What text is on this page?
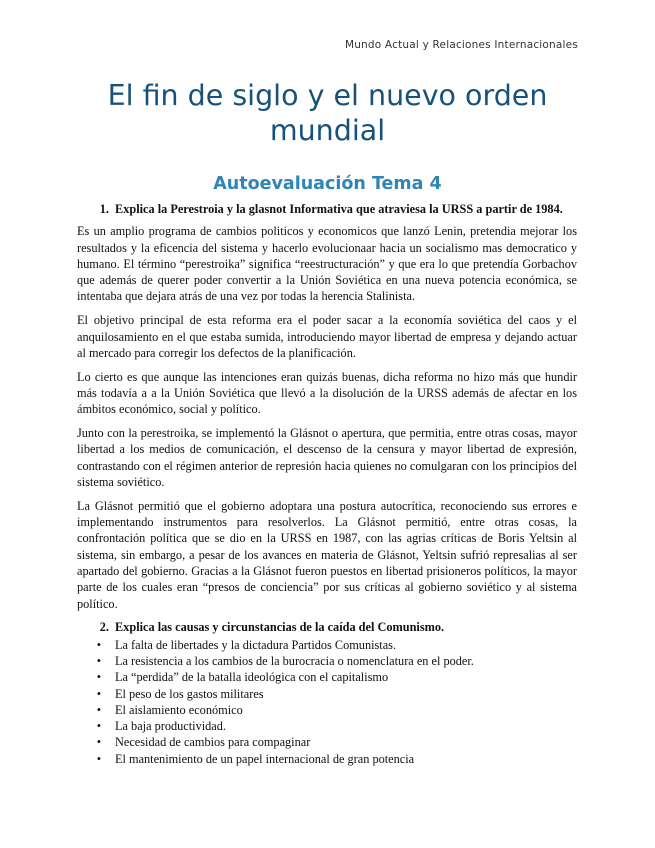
Mundo Actual y Relaciones Internacionales
El fin de siglo y el nuevo orden mundial
Autoevaluación Tema 4
1. Explica la Perestroia y la glasnot Informativa que atraviesa la URSS a partir de 1984.

Es un amplio programa de cambios politicos y economicos que lanzó Lenin, pretendia mejorar los resultados y la eficencia del sistema y hacerlo evolucionaar hacia un socialismo mas democratico y humano. El término “perestroika” significa “reestructuración” y que era lo que pretendía Gorbachov que además de querer poder convertir a la Unión Soviética en una nueva potencia económica, se intentaba que dejara atrás de una vez por todas la herencia Stalinista.

El objetivo principal de esta reforma era el poder sacar a la economía soviética del caos y el anquilosamiento en el que estaba sumida, introduciendo mayor libertad de empresa y dejando actuar al mercado para corregir los defectos de la planificación.

Lo cierto es que aunque las intenciones eran quizás buenas, dicha reforma no hizo más que hundir más todavía a a la Unión Soviética que llevó a la disolución de la URSS además de afectar en los ámbitos económico, social y político.

Junto con la perestroika, se implementó la Glásnot o apertura, que permitia, entre otras cosas, mayor libertad a los medios de comunicación, el descenso de la censura y mayor libertad de expresión, contrastando con el régimen anterior de represión hacia quienes no comulgaran con los principios del sistema soviético.

La Glásnot permitió que el gobierno adoptara una postura autocrítica, reconociendo sus errores e implementando instrumentos para resolverlos. La Glásnot permitió, entre otras cosas, la confrontación política que se dio en la URSS en 1987, con las agrias críticas de Boris Yeltsin al sistema, sin embargo, a pesar de los avances en materia de Glásnot, Yeltsin sufrió represalias al ser apartado del gobierno. Gracias a la Glásnot fueron puestos en libertad prisioneros políticos, la mayor parte de los cuales eran “presos de conciencia” por sus críticas al gobierno soviético y al sistema político.

2. Explica las causas y circunstancias de la caída del Comunismo.
•	La falta de libertades y la dictadura Partidos Comunistas.
•	La resistencia a los cambios de la burocracia o nomenclatura en el poder.
•	La “perdida” de la batalla ideológica con el capitalismo
•	El peso de los gastos militares
•	El aislamiento económico
•	La baja productividad.
•	Necesidad de cambios para compaginar
•	El mantenimiento de un papel internacional de gran potencia
